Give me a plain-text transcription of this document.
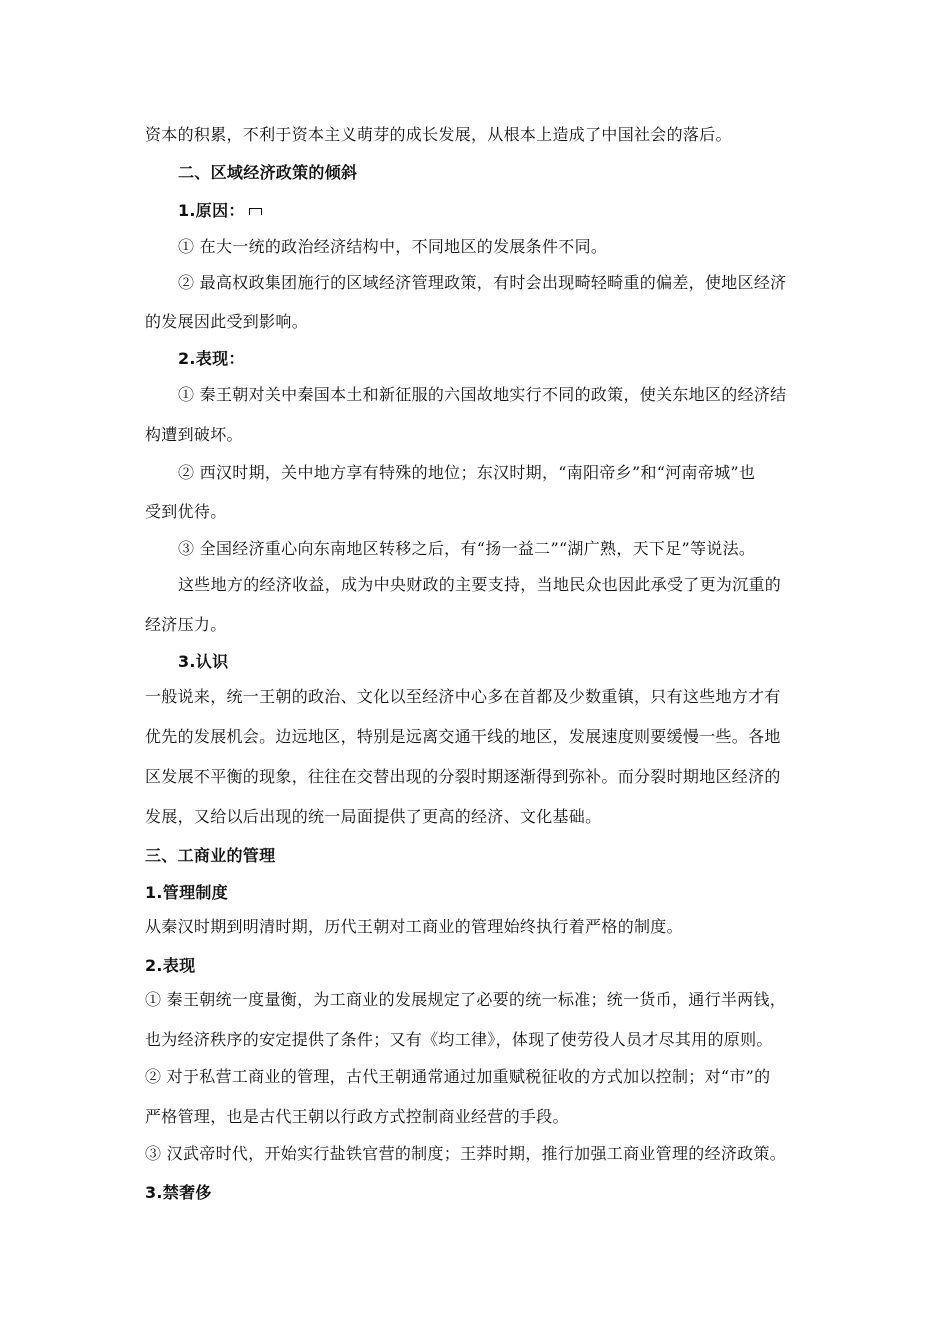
资本的积累，不利于资本主义萌芽的成长发展，从根本上造成了中国社会的落后。
二、区域经济政策的倾斜
1.原因：
① 在大一统的政治经济结构中，不同地区的发展条件不同。
② 最高权政集团施行的区域经济管理政策，有时会出现畸轻畸重的偏差，使地区经济
的发展因此受到影响。
2.表现：
① 秦王朝对关中秦国本土和新征服的六国故地实行不同的政策，使关东地区的经济结
构遭到破坏。
② 西汉时期，关中地方享有特殊的地位；东汉时期，“南阳帝乡”和“河南帝城”也
受到优待。
③ 全国经济重心向东南地区转移之后，有“扬一益二”“湖广熟，天下足”等说法。
这些地方的经济收益，成为中央财政的主要支持，当地民众也因此承受了更为沉重的
经济压力。
3.认识
一般说来，统一王朝的政治、文化以至经济中心多在首都及少数重镇，只有这些地方才有
优先的发展机会。边远地区，特别是远离交通干线的地区，发展速度则要缓慢一些。各地
区发展不平衡的现象，往往在交替出现的分裂时期逐渐得到弥补。而分裂时期地区经济的
发展，又给以后出现的统一局面提供了更高的经济、文化基础。
三、工商业的管理
1.管理制度
从秦汉时期到明清时期，历代王朝对工商业的管理始终执行着严格的制度。
2.表现
① 秦王朝统一度量衡，为工商业的发展规定了必要的统一标准；统一货币，通行半两钱，
也为经济秩序的安定提供了条件；又有《均工律》，体现了使劳役人员才尽其用的原则。
② 对于私营工商业的管理，古代王朝通常通过加重赋税征收的方式加以控制；对“市”的
严格管理，也是古代王朝以行政方式控制商业经营的手段。
③ 汉武帝时代，开始实行盐铁官营的制度；王莽时期，推行加强工商业管理的经济政策。
3.禁奢侈
